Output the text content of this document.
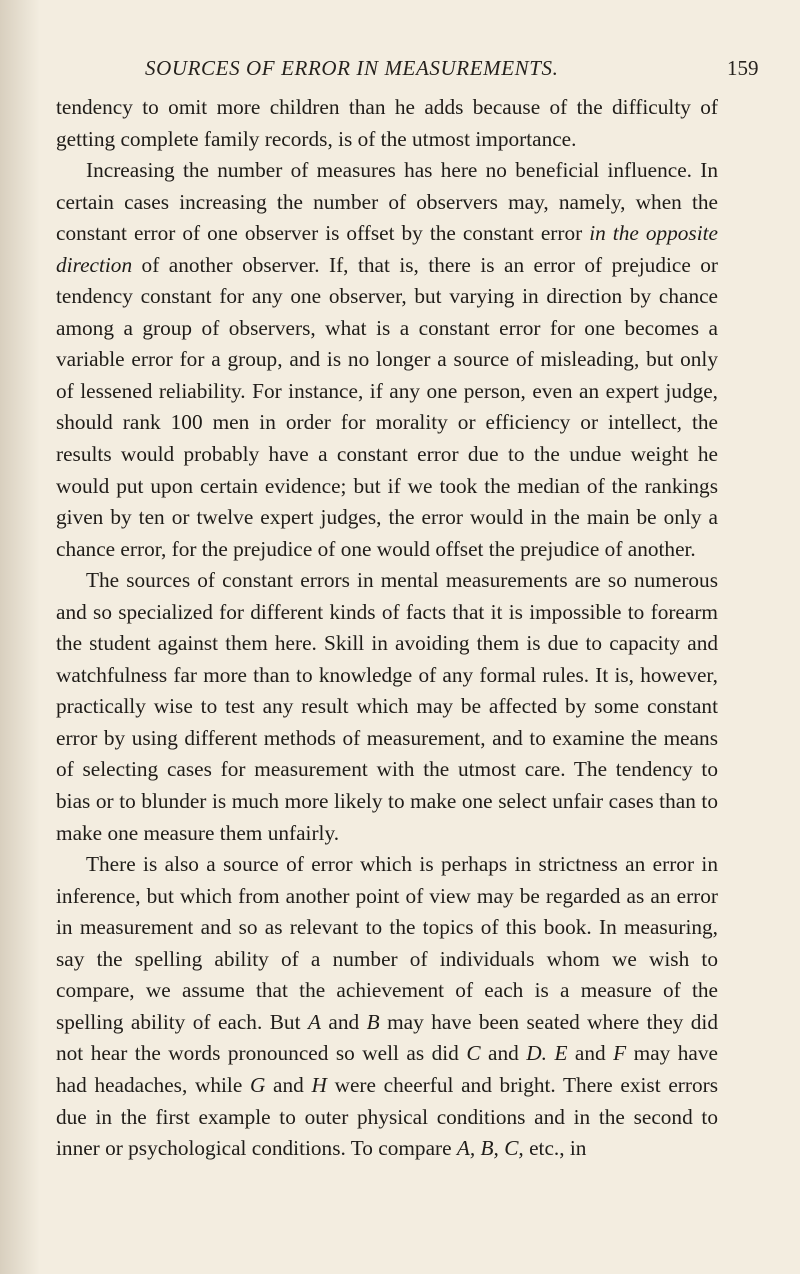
SOURCES OF ERROR IN MEASUREMENTS.	159

tendency to omit more children than he adds because of the difficulty of getting complete family records, is of the utmost importance.

Increasing the number of measures has here no beneficial influence. In certain cases increasing the number of observers may, namely, when the constant error of one observer is offset by the constant error in the opposite direction of another observer. If, that is, there is an error of prejudice or tendency constant for any one observer, but varying in direction by chance among a group of observers, what is a constant error for one becomes a variable error for a group, and is no longer a source of misleading, but only of lessened reliability. For instance, if any one person, even an expert judge, should rank 100 men in order for morality or efficiency or intellect, the results would probably have a constant error due to the undue weight he would put upon certain evidence; but if we took the median of the rankings given by ten or twelve expert judges, the error would in the main be only a chance error, for the prejudice of one would offset the prejudice of another.

The sources of constant errors in mental measurements are so numerous and so specialized for different kinds of facts that it is impossible to forearm the student against them here. Skill in avoiding them is due to capacity and watchfulness far more than to knowledge of any formal rules. It is, however, practically wise to test any result which may be affected by some constant error by using different methods of measurement, and to examine the means of selecting cases for measurement with the utmost care. The tendency to bias or to blunder is much more likely to make one select unfair cases than to make one measure them unfairly.

There is also a source of error which is perhaps in strictness an error in inference, but which from another point of view may be regarded as an error in measurement and so as relevant to the topics of this book. In measuring, say the spelling ability of a number of individuals whom we wish to compare, we assume that the achievement of each is a measure of the spelling ability of each. But A and B may have been seated where they did not hear the words pronounced so well as did C and D. E and F may have had headaches, while G and H were cheerful and bright. There exist errors due in the first example to outer physical conditions and in the second to inner or psychological conditions. To compare A, B, C, etc., in
